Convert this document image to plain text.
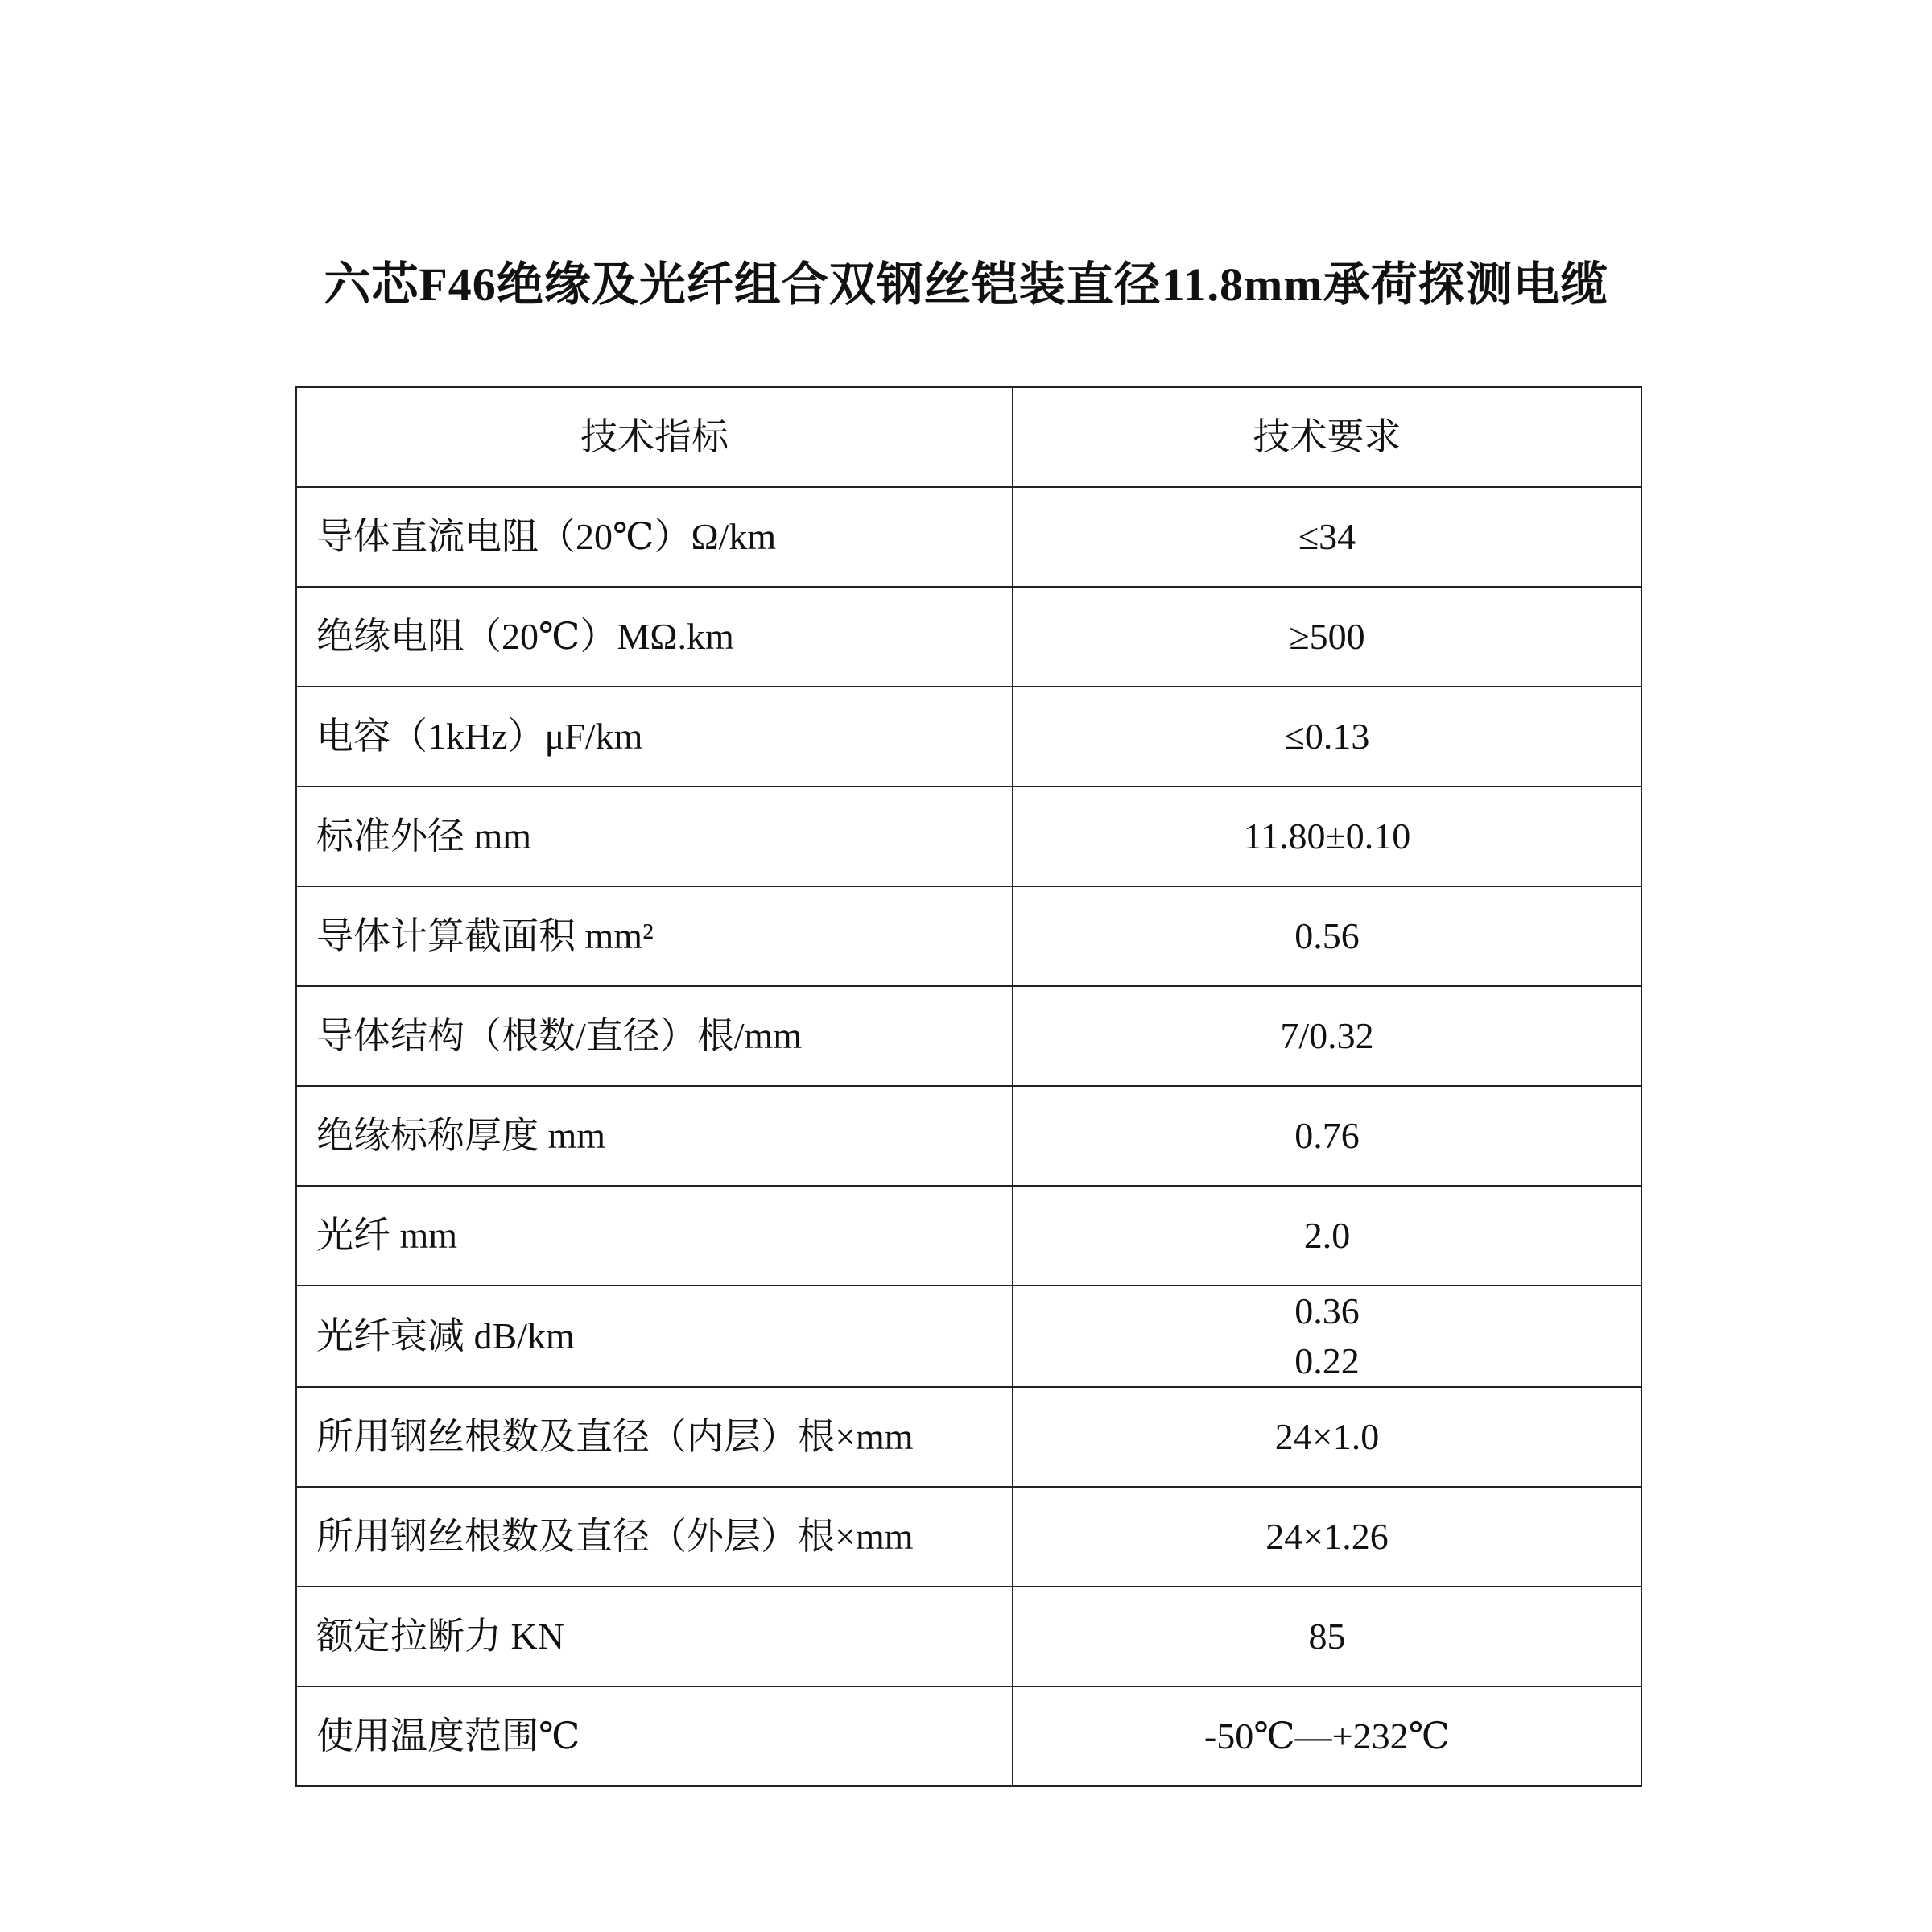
六芯F46绝缘及光纤组合双钢丝铠装直径11.8mm承荷探测电缆
技术指标	技术要求
导体直流电阻（20℃）Ω/km	≤34
绝缘电阻（20℃）MΩ.km	≥500
电容（1kHz）μF/km	≤0.13
标准外径 mm	11.80±0.10
导体计算截面积 mm²	0.56
导体结构（根数/直径）根/mm	7/0.32
绝缘标称厚度 mm	0.76
光纤 mm	2.0
光纤衰减 dB/km	0.36
0.22

所用钢丝根数及直径（内层）根×mm	24×1.0
所用钢丝根数及直径（外层）根×mm	24×1.26
额定拉断力 KN	85
使用温度范围℃	-50℃—+232℃
